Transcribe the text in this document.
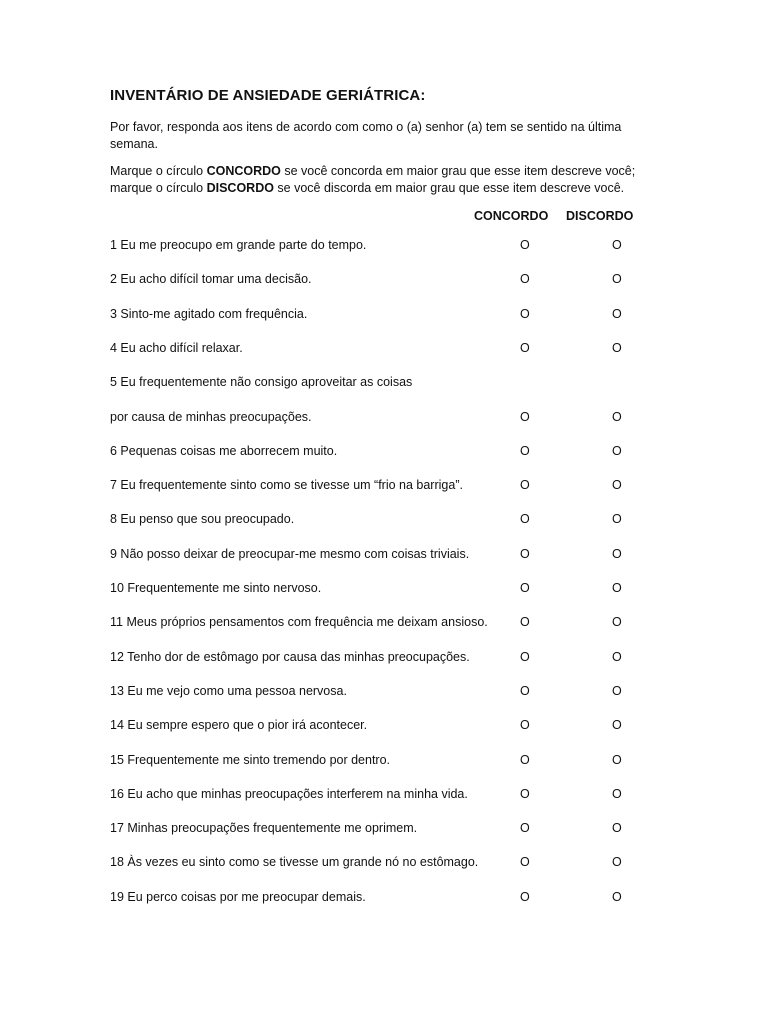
INVENTÁRIO DE ANSIEDADE GERIÁTRICA:
Por favor, responda aos itens de acordo com como o (a) senhor (a) tem se sentido na última semana.
Marque o círculo CONCORDO se você concorda em maior grau que esse item descreve você; marque o círculo DISCORDO se você discorda em maior grau que esse item descreve você.
CONCORDO DISCORDO
1 Eu me preocupo em grande parte do tempo.	O	O
2 Eu acho difícil tomar uma decisão.	O	O
3 Sinto-me agitado com frequência.	O	O
4 Eu acho difícil relaxar.	O	O
5 Eu frequentemente não consigo aproveitar as coisas
por causa de minhas preocupações.	O	O
6 Pequenas coisas me aborrecem muito.	O	O
7 Eu frequentemente sinto como se tivesse um “frio na barriga”.	O	O
8 Eu penso que sou preocupado.	O	O
9 Não posso deixar de preocupar-me mesmo com coisas triviais.	O	O
10 Frequentemente me sinto nervoso.	O	O
11 Meus próprios pensamentos com frequência me deixam ansioso.	O	O
12 Tenho dor de estômago por causa das minhas preocupações.	O	O
13 Eu me vejo como uma pessoa nervosa.	O	O
14 Eu sempre espero que o pior irá acontecer.	O	O
15 Frequentemente me sinto tremendo por dentro.	O	O
16 Eu acho que minhas preocupações interferem na minha vida.	O	O
17 Minhas preocupações frequentemente me oprimem.	O	O
18 Às vezes eu sinto como se tivesse um grande nó no estômago.	O	O
19 Eu perco coisas por me preocupar demais.	O	O
